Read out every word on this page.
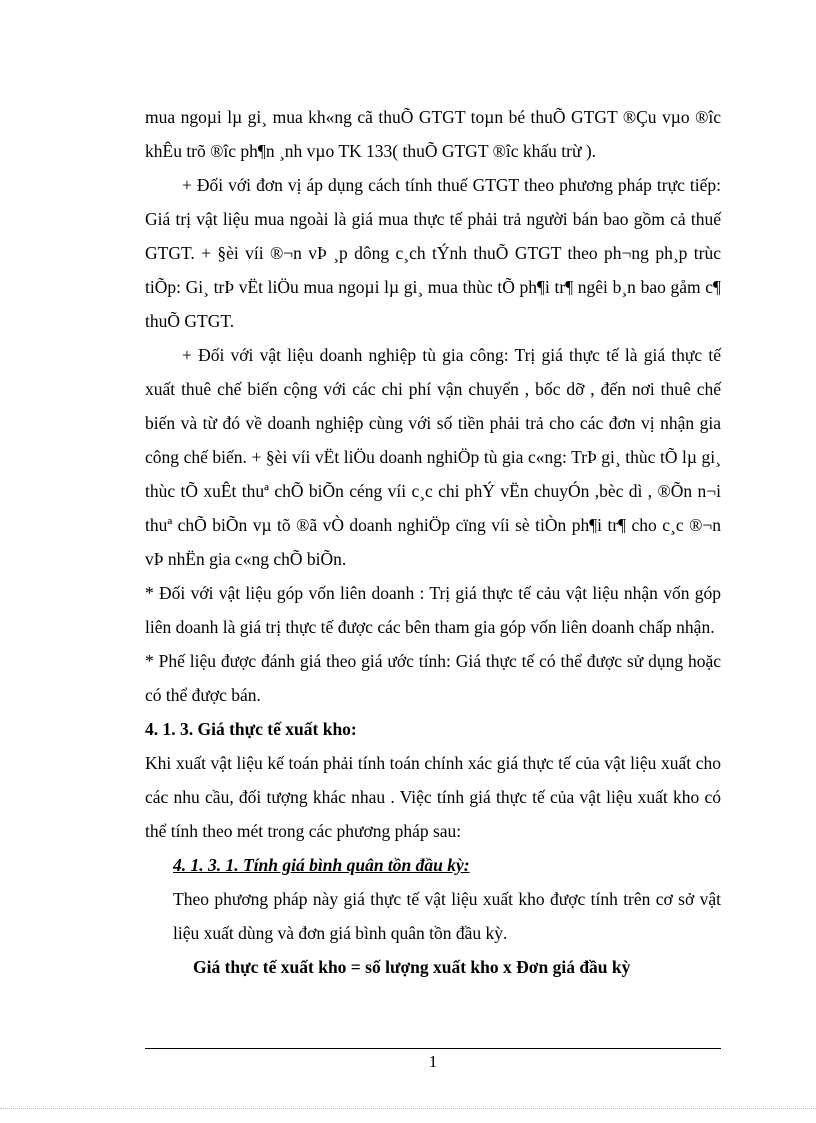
mua ngoµi lµ gi¸ mua kh«ng cã thuÕ GTGT toµn bé thuÕ GTGT ®Çu vµo ®îc khÊu trõ ®îc ph¶n ¸nh vµo TK 133( thuÕ GTGT ®îc khấu trừ ).

+ Đối với đơn vị áp dụng cách tính thuế GTGT theo phương pháp trực tiếp: Giá trị vật liệu mua ngoài là giá mua thực tế phải trả người bán bao gồm cả thuế GTGT. + §èi víi ®¬n vÞ ¸p dông c¸ch tÝnh thuÕ GTGT theo ph¬ng ph¸p trùc tiÕp: Gi¸ trÞ vËt liÖu mua ngoµi lµ gi¸ mua thùc tÕ ph¶i tr¶ ngêi b¸n bao gåm c¶ thuÕ GTGT.

+ Đối với vật liệu doanh nghiệp tù gia công: Trị giá thực tế là giá thực tế xuất thuê chế biến cộng với các chi phí vận chuyển , bốc dỡ , đến nơi thuê chế biến và từ đó về doanh nghiệp cùng với số tiền phải trả cho các đơn vị nhận gia công chế biến. + §èi víi vËt liÖu doanh nghiÖp tù gia c«ng: TrÞ gi¸ thùc tÕ lµ gi¸ thùc tÕ xuÊt thuª chÕ biÕn céng víi c¸c chi phÝ vËn chuyÓn ,bèc dì , ®Õn n¬i thuª chÕ biÕn vµ tõ ®ã vÒ doanh nghiÖp cïng víi sè tiÒn ph¶i tr¶ cho c¸c ®¬n vÞ nhËn gia c«ng chÕ biÕn.

* Đối với vật liệu góp vốn liên doanh : Trị giá thực tế cảu vật liệu nhận vốn góp liên doanh là giá trị thực tế được các bên tham gia góp vốn liên doanh chấp nhận.

* Phế liệu được đánh giá theo giá ước tính: Giá thực tế có thể được sử dụng hoặc có thể được bán.

4. 1. 3. Giá thực tế xuất kho:

Khi xuất vật liệu kế toán phải tính toán chính xác giá thực tế của vật liệu xuất cho các nhu cầu, đối tượng khác nhau . Việc tính giá thực tế của vật liệu xuất kho có thể tính theo mét trong các phương pháp sau:

4. 1. 3. 1. Tính giá bình quân tồn đầu kỳ:

Theo phương pháp này giá thực tế vật liệu xuất kho được tính trên cơ sở vật liệu xuất dùng và đơn giá bình quân tồn đầu kỳ.

Giá thực tế xuất kho = số lượng xuất kho x Đơn giá đầu kỳ

1
